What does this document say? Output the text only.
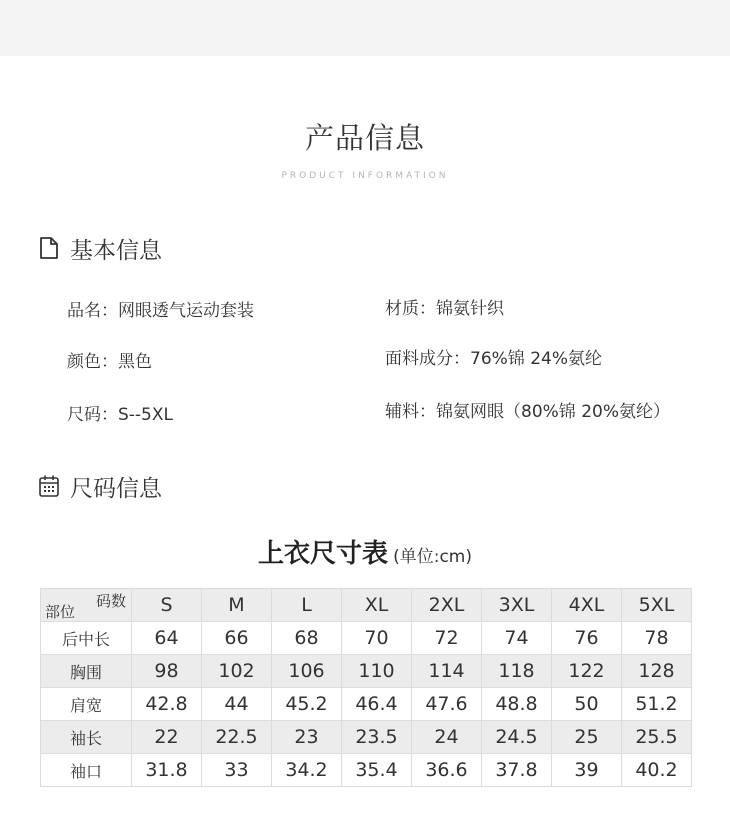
产品信息
PRODUCT INFORMATION
基本信息
品名：网眼透气运动套装	材质：锦氨针织
颜色：黑色	面料成分：76%锦 24%氨纶
尺码：S--5XL	辅料：锦氨网眼（80%锦 20%氨纶）
尺码信息
上衣尺寸表 (单位:cm)
码数
部位	S	M	L	XL	2XL	3XL	4XL	5XL
后中长	64	66	68	70	72	74	76	78
胸围	98	102	106	110	114	118	122	128
肩宽	42.8	44	45.2	46.4	47.6	48.8	50	51.2
袖长	22	22.5	23	23.5	24	24.5	25	25.5
袖口	31.8	33	34.2	35.4	36.6	37.8	39	40.2
